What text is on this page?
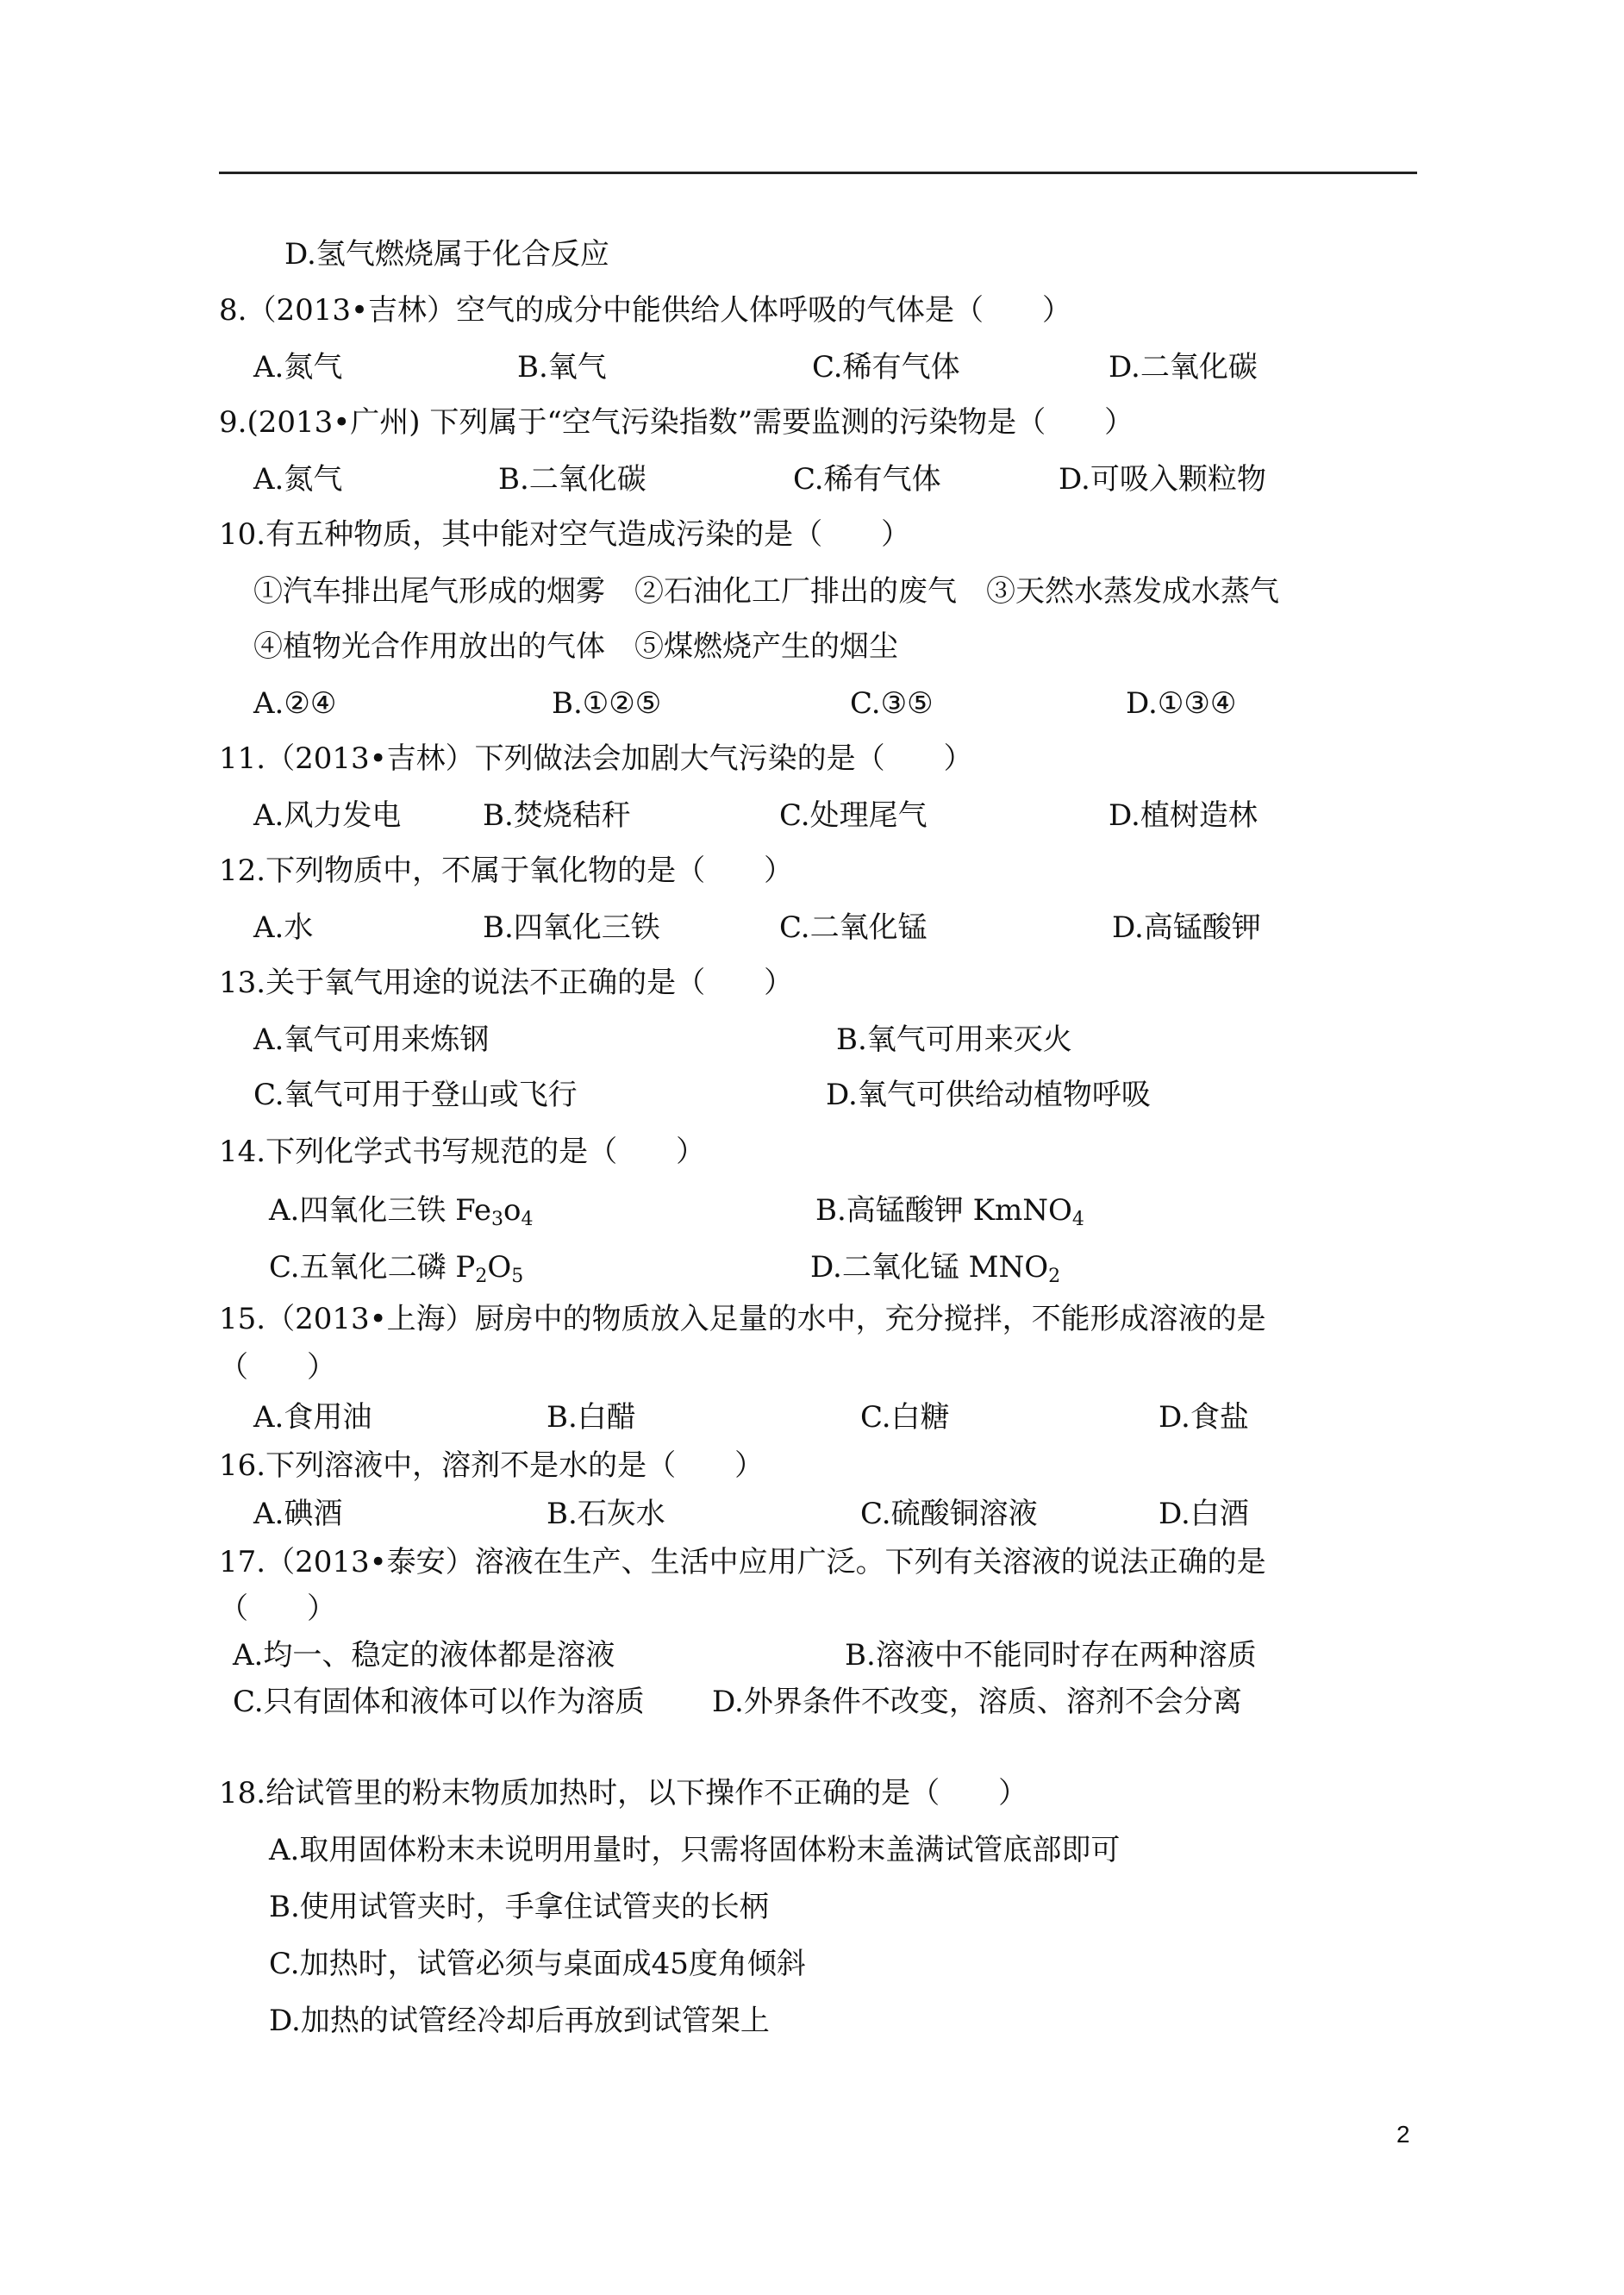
D.氢气燃烧属于化合反应
8.（2013•吉林）空气的成分中能供给人体呼吸的气体是（　　）
A.氮气	B.氧气	C.稀有气体	D.二氧化碳
9.(2013•广州) 下列属于“空气污染指数”需要监测的污染物是（　　）
A.氮气	B.二氧化碳	C.稀有气体	D.可吸入颗粒物
10.有五种物质，其中能对空气造成污染的是（　　）
①汽车排出尾气形成的烟雾　②石油化工厂排出的废气　③天然水蒸发成水蒸气
④植物光合作用放出的气体　⑤煤燃烧产生的烟尘
A.②④	B.①②⑤	C.③⑤	D.①③④
11.（2013•吉林）下列做法会加剧大气污染的是（　　）
A.风力发电	B.焚烧秸秆	C.处理尾气	D.植树造林
12.下列物质中，不属于氧化物的是（　　）
A.水	B.四氧化三铁	C.二氧化锰	D.高锰酸钾
13.关于氧气用途的说法不正确的是（　　）
A.氧气可用来炼钢	B.氧气可用来灭火
C.氧气可用于登山或飞行	D.氧气可供给动植物呼吸
14.下列化学式书写规范的是（　　）
A.四氧化三铁 $Fe_3o_4$	B.高锰酸钾 KmNO$_4$
C.五氧化二磷 $P_2O_5$	D.二氧化锰 $MNO_2$
15.（2013•上海）厨房中的物质放入足量的水中，充分搅拌，不能形成溶液的是
（　　）
A.食用油	B.白醋	C.白糖	D.食盐
16.下列溶液中，溶剂不是水的是（　　）
A.碘酒	B.石灰水	C.硫酸铜溶液	D.白酒
17.（2013•泰安）溶液在生产、生活中应用广泛。下列有关溶液的说法正确的是
（　　）
A.均一、稳定的液体都是溶液	B.溶液中不能同时存在两种溶质
C.只有固体和液体可以作为溶质 D.外界条件不改变，溶质、溶剂不会分离
18.给试管里的粉末物质加热时，以下操作不正确的是（　　）
A.取用固体粉末未说明用量时，只需将固体粉末盖满试管底部即可
B.使用试管夹时，手拿住试管夹的长柄
C.加热时，试管必须与桌面成45度角倾斜
D.加热的试管经冷却后再放到试管架上
2
